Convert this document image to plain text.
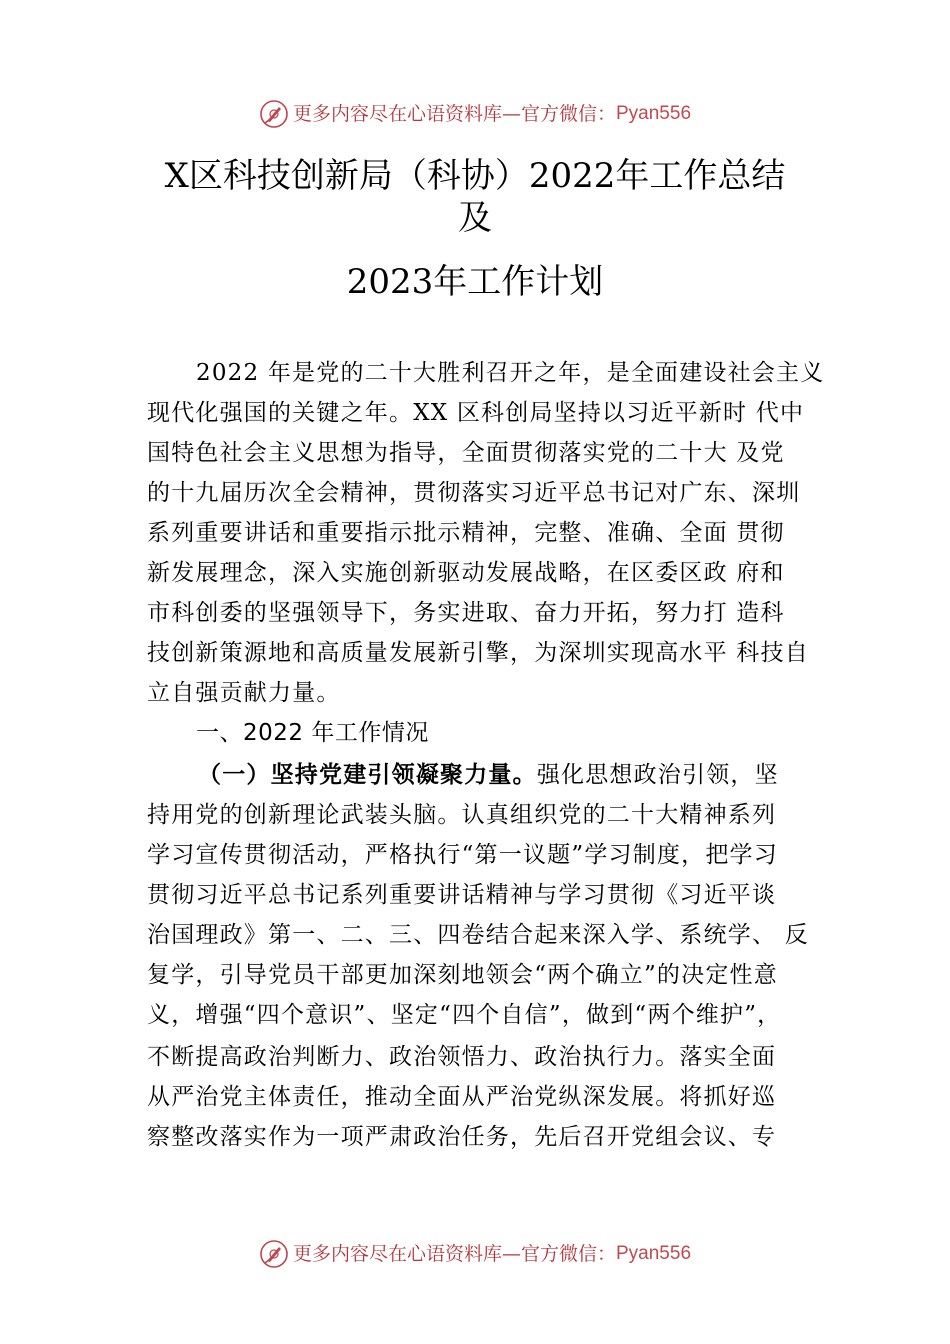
更多内容尽在心语资料库—官方微信：Pyan556
X区科技创新局（科协）2022年工作总结
及
2023年工作计划
2022 年是党的二十大胜利召开之年，是全面建设社会主义
现代化强国的关键之年。XX 区科创局坚持以习近平新时 代中
国特色社会主义思想为指导，全面贯彻落实党的二十大 及党
的十九届历次全会精神，贯彻落实习近平总书记对广东、深圳
系列重要讲话和重要指示批示精神，完整、准确、全面 贯彻
新发展理念，深入实施创新驱动发展战略，在区委区政 府和
市科创委的坚强领导下，务实进取、奋力开拓，努力打 造科
技创新策源地和高质量发展新引擎，为深圳实现高水平 科技自
立自强贡献力量。
一、2022 年工作情况
（一）坚持党建引领凝聚力量。强化思想政治引领，坚
持用党的创新理论武装头脑。认真组织党的二十大精神系列
学习宣传贯彻活动，严格执行“第一议题”学习制度，把学习
贯彻习近平总书记系列重要讲话精神与学习贯彻《习近平谈
治国理政》第一、二、三、四卷结合起来深入学、系统学、 反
复学，引导党员干部更加深刻地领会“两个确立”的决定性意
义，增强“四个意识”、坚定“四个自信”，做到“两个维护”，
不断提高政治判断力、政治领悟力、政治执行力。落实全面
从严治党主体责任，推动全面从严治党纵深发展。将抓好巡
察整改落实作为一项严肃政治任务，先后召开党组会议、专
更多内容尽在心语资料库—官方微信：Pyan556
